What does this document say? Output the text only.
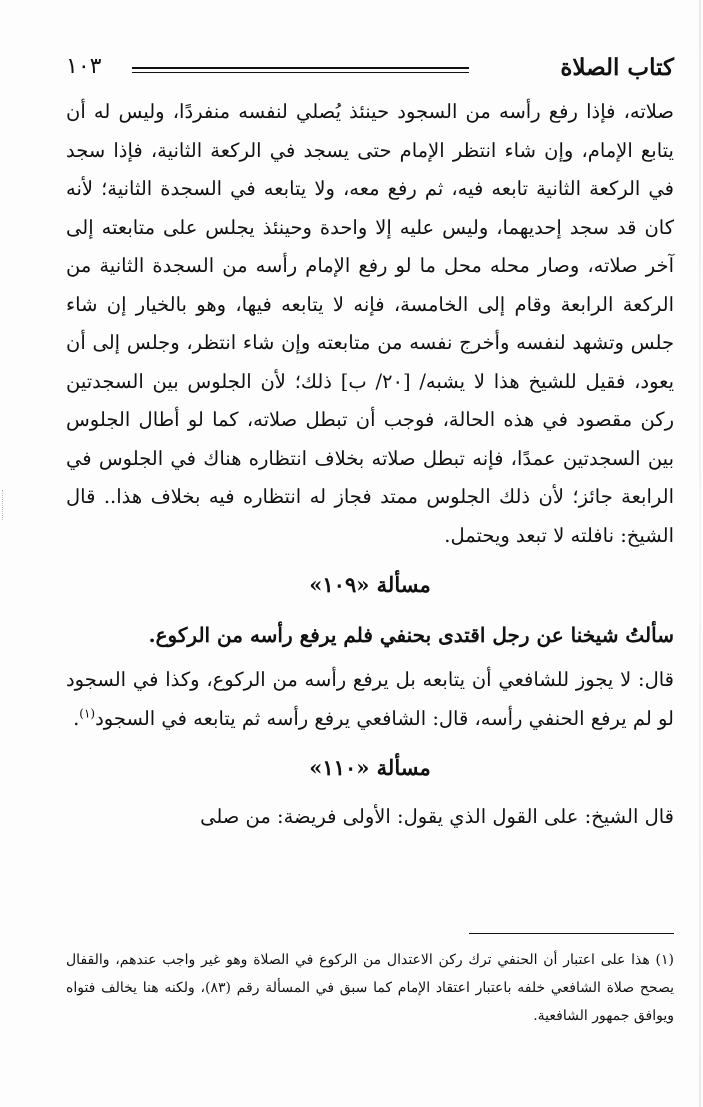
كتاب الصلاة
١٠٣

صلاته، فإذا رفع رأسه من السجود حينئذ يُصلي لنفسه منفردًا، وليس له أن يتابع الإمام، وإن شاء انتظر الإمام حتى يسجد في الركعة الثانية، فإذا سجد في الركعة الثانية تابعه فيه، ثم رفع معه، ولا يتابعه في السجدة الثانية؛ لأنه كان قد سجد إحديهما، وليس عليه إلا واحدة وحينئذ يجلس على متابعته إلى آخر صلاته، وصار محله محل ما لو رفع الإمام رأسه من السجدة الثانية من الركعة الرابعة وقام إلى الخامسة، فإنه لا يتابعه فيها، وهو بالخيار إن شاء جلس وتشهد لنفسه وأخرج نفسه من متابعته وإن شاء انتظر، وجلس إلى أن يعود، فقيل للشيخ هذا لا يشبه/ [٢٠/ ب] ذلك؛ لأن الجلوس بين السجدتين ركن مقصود في هذه الحالة، فوجب أن تبطل صلاته، كما لو أطال الجلوس بين السجدتين عمدًا، فإنه تبطل صلاته بخلاف انتظاره هناك في الجلوس في الرابعة جائز؛ لأن ذلك الجلوس ممتد فجاز له انتظاره فيه بخلاف هذا.. قال الشيخ: نافلته لا تبعد ويحتمل.

مسألة «١٠٩»

سألتُ شيخنا عن رجل اقتدى بحنفي فلم يرفع رأسه من الركوع.

قال: لا يجوز للشافعي أن يتابعه بل يرفع رأسه من الركوع، وكذا في السجود لو لم يرفع الحنفي رأسه، قال: الشافعي يرفع رأسه ثم يتابعه في السجود$^{(١)}$.

مسألة «١١٠»

قال الشيخ: على القول الذي يقول: الأولى فريضة: من صلى

(١) هذا على اعتبار أن الحنفي ترك ركن الاعتدال من الركوع في الصلاة وهو غير واجب عندهم، والقفال يصحح صلاة الشافعي خلفه باعتبار اعتقاد الإمام كما سبق في المسألة رقم (٨٣)، ولكنه هنا يخالف فتواه ويوافق جمهور الشافعية.
